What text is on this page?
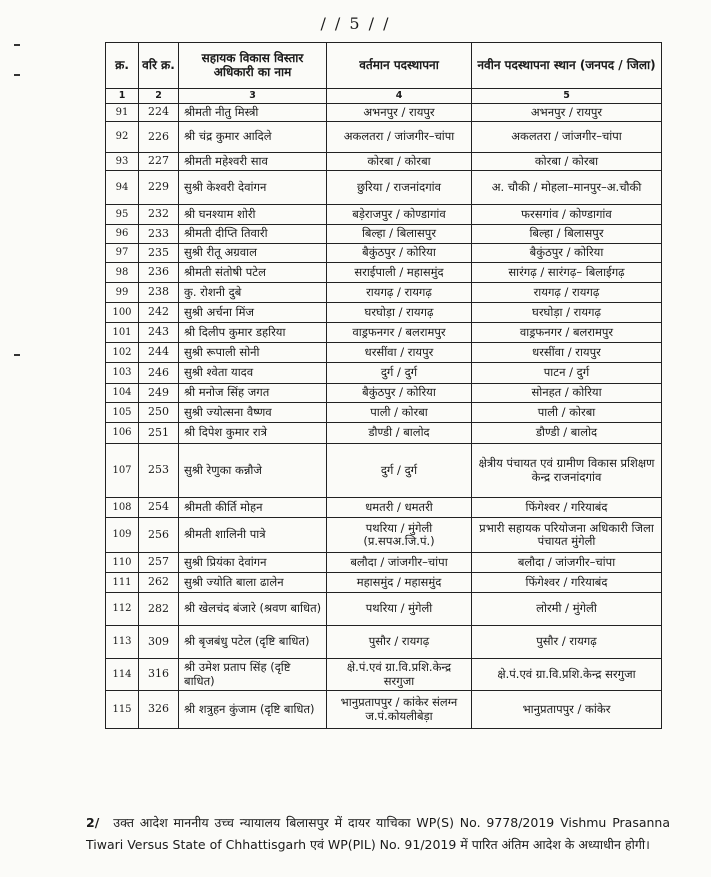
/ / 5 / /
क्र.	वरि क्र.	सहायक विकास विस्तार अधिकारी का नाम	वर्तमान पदस्थापना	नवीन पदस्थापना स्थान (जनपद / जिला)
1	2	3	4	5
91	224	श्रीमती नीतु मिस्त्री	अभनपुर / रायपुर	अभनपुर / रायपुर
92	226	श्री चंद्र कुमार आदिले	अकलतरा / जांजगीर–चांपा	अकलतरा / जांजगीर–चांपा
93	227	श्रीमती महेश्वरी साव	कोरबा / कोरबा	कोरबा / कोरबा
94	229	सुश्री केश्वरी देवांगन	छुरिया / राजनांदगांव	अ. चौकी / मोहला–मानपुर–अ.चौकी
95	232	श्री घनश्याम शोरी	बड़ेराजपुर / कोण्डागांव	फरसगांव / कोण्डागांव
96	233	श्रीमती दीप्ति तिवारी	बिल्हा / बिलासपुर	बिल्हा / बिलासपुर
97	235	सुश्री रीतू अग्रवाल	बैकुंठपुर / कोरिया	बैकुंठपुर / कोरिया
98	236	श्रीमती संतोषी पटेल	सराईपाली / महासमुंद	सारंगढ़ / सारंगढ़– बिलाईगढ़
99	238	कु. रोशनी दुबे	रायगढ़ / रायगढ़	रायगढ़ / रायगढ़
100	242	सुश्री अर्चना मिंज	घरघोड़ा / रायगढ़	घरघोड़ा / रायगढ़
101	243	श्री दिलीप कुमार डहरिया	वाड्रफनगर / बलरामपुर	वाड्रफनगर / बलरामपुर
102	244	सुश्री रूपाली सोनी	धरसींवा / रायपुर	धरसींवा / रायपुर
103	246	सुश्री श्वेता यादव	दुर्ग / दुर्ग	पाटन / दुर्ग
104	249	श्री मनोज सिंह जगत	बैकुंठपुर / कोरिया	सोनहत / कोरिया
105	250	सुश्री ज्योत्सना वैष्णव	पाली / कोरबा	पाली / कोरबा
106	251	श्री दिपेश कुमार रात्रे	डौण्डी / बालोद	डौण्डी / बालोद
107	253	सुश्री रेणुका कन्नौजे	दुर्ग / दुर्ग	क्षेत्रीय पंचायत एवं ग्रामीण विकास प्रशिक्षण केन्द्र राजनांदगांव
108	254	श्रीमती कीर्ति मोहन	धमतरी / धमतरी	फिंगेश्वर / गरियाबंद
109	256	श्रीमती शालिनी पात्रे	पथरिया / मुंगेली (प्र.सपअ.जि.पं.)	प्रभारी सहायक परियोजना अधिकारी जिला पंचायत मुंगेली
110	257	सुश्री प्रियंका देवांगन	बलौदा / जांजगीर–चांपा	बलौदा / जांजगीर–चांपा
111	262	सुश्री ज्योति बाला ढालेन	महासमुंद / महासमुंद	फिंगेश्वर / गरियाबंद
112	282	श्री खेलचंद बंजारे (श्रवण बाधित)	पथरिया / मुंगेली	लोरमी / मुंगेली
113	309	श्री बृजबंधु पटेल (दृष्टि बाधित)	पुसौर / रायगढ़	पुसौर / रायगढ़
114	316	श्री उमेश प्रताप सिंह (दृष्टि बाधित)	क्षे.पं.एवं ग्रा.वि.प्रशि.केन्द्र सरगुजा	क्षे.पं.एवं ग्रा.वि.प्रशि.केन्द्र सरगुजा
115	326	श्री शत्रुहन कुंजाम (दृष्टि बाधित)	भानुप्रतापपुर / कांकेर संलग्न ज.पं.कोयलीबेड़ा	भानुप्रतापपुर / कांकेर
2/ उक्त आदेश माननीय उच्च न्यायालय बिलासपुर में दायर याचिका WP(S) No. 9778/2019 Vishmu Prasanna Tiwari Versus State of Chhattisgarh एवं WP(PIL) No. 91/2019 में पारित अंतिम आदेश के अध्याधीन होगी।
